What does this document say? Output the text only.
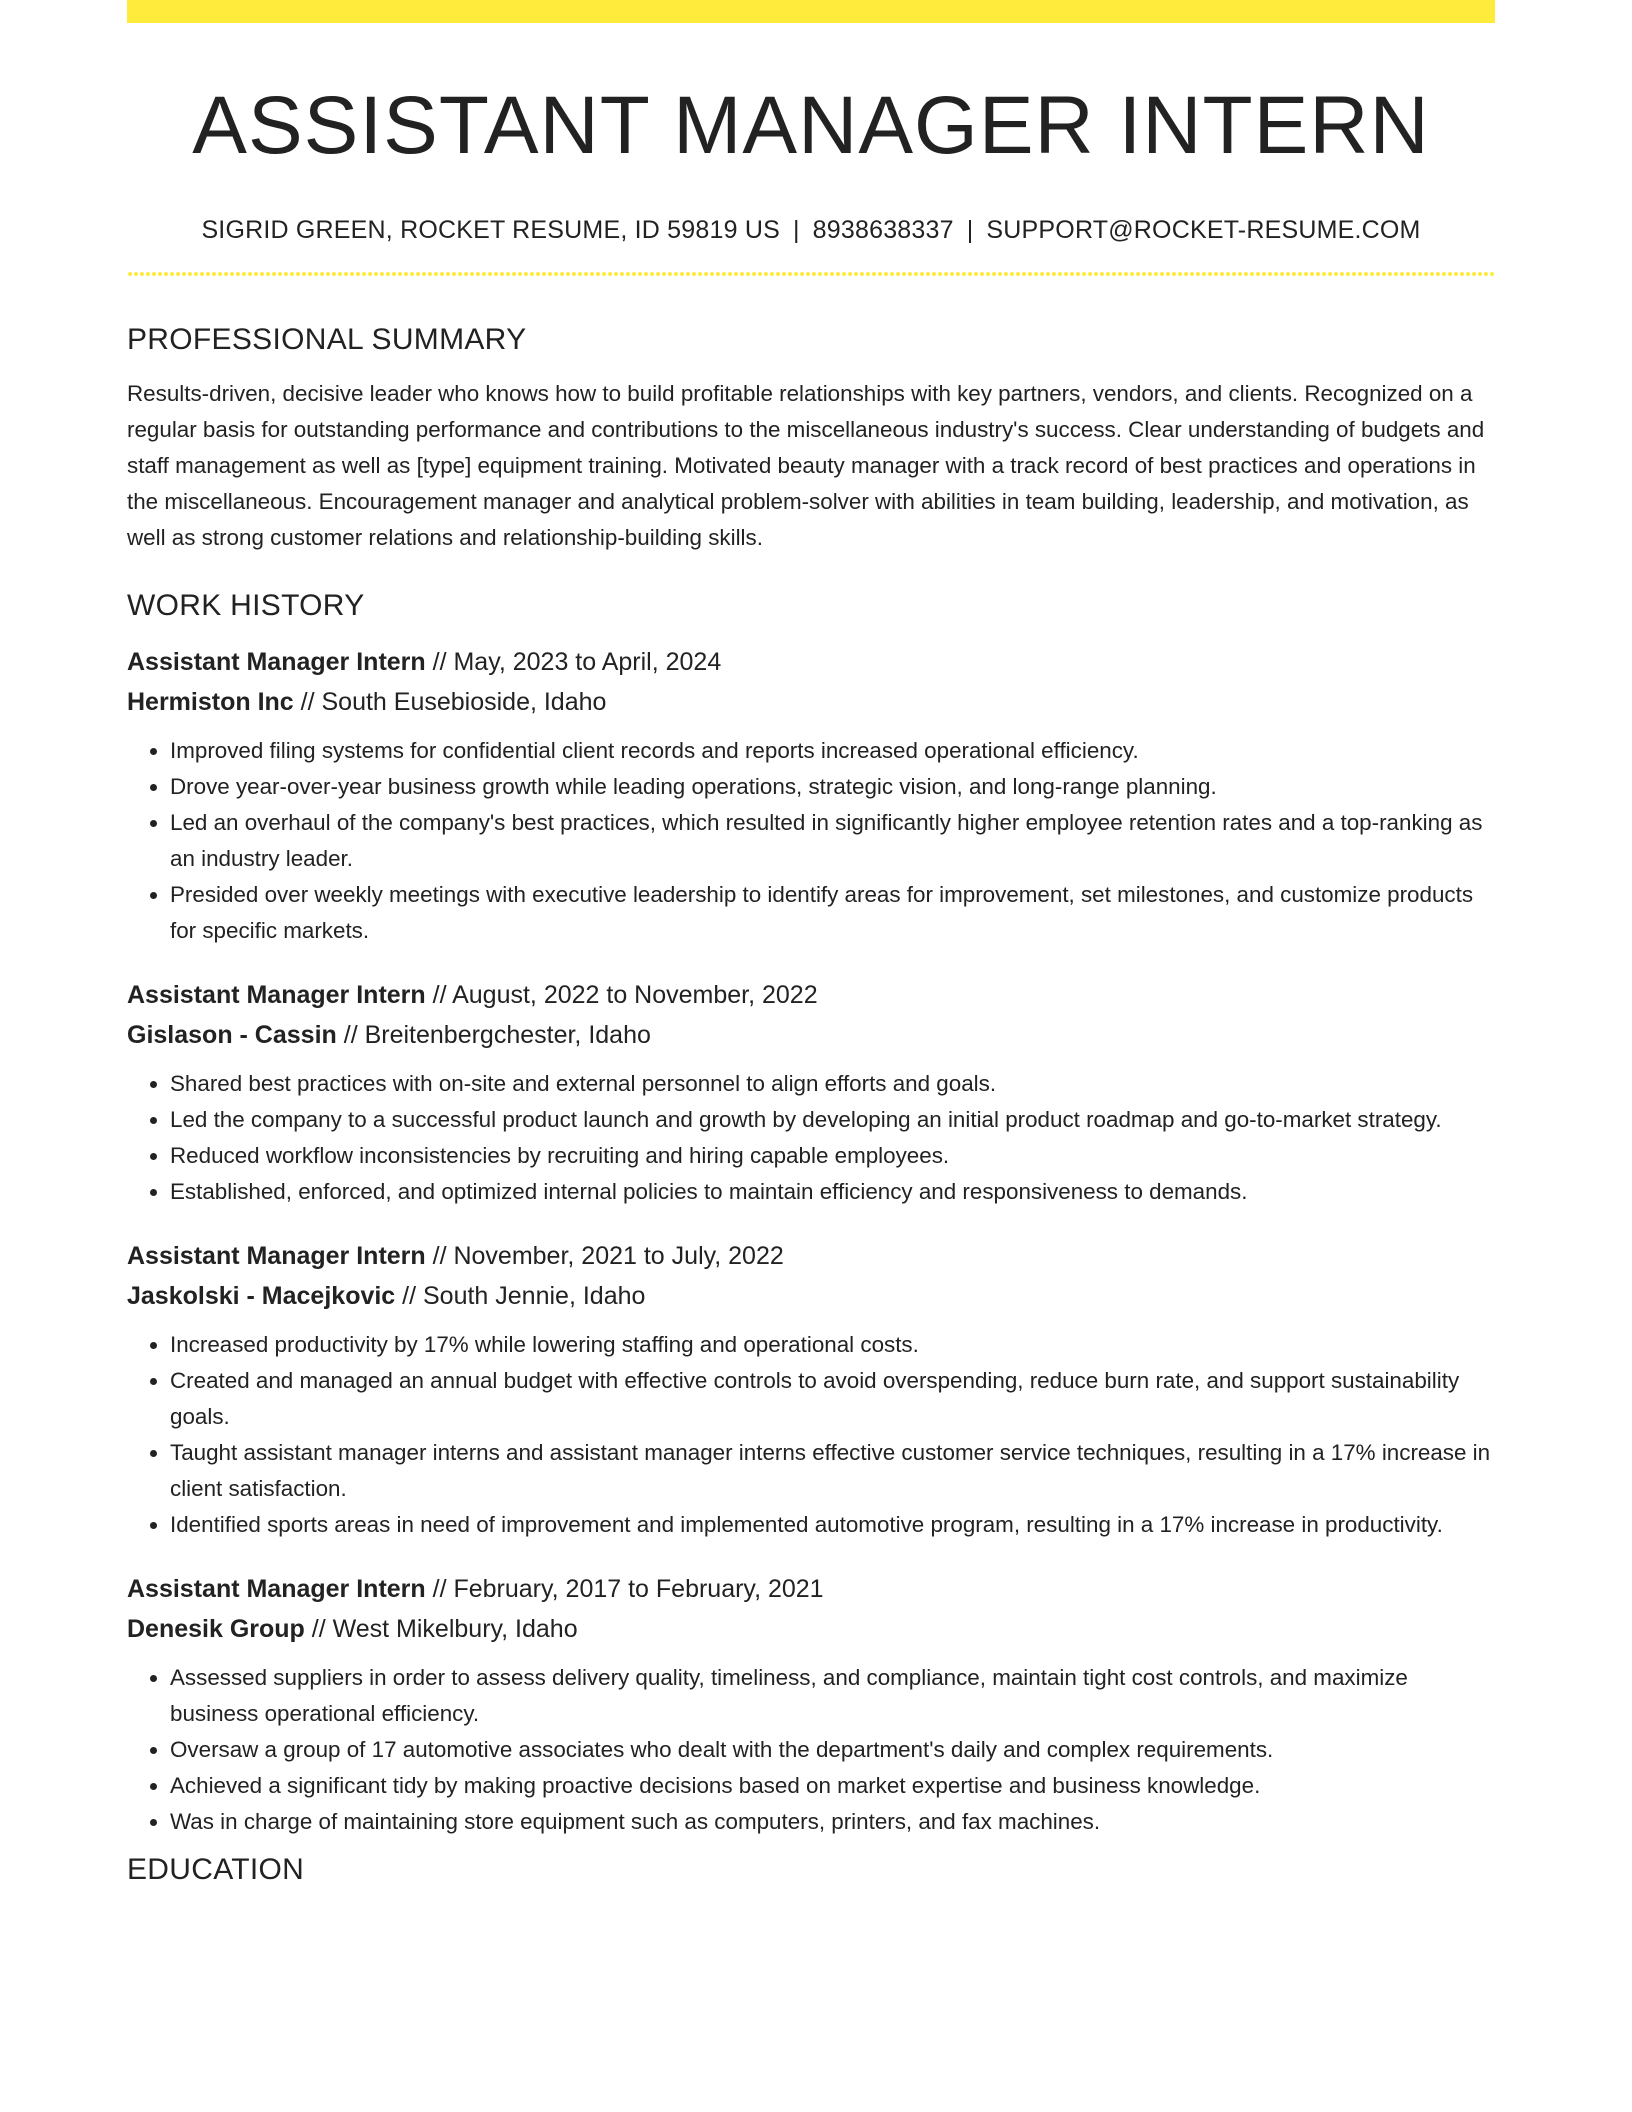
ASSISTANT MANAGER INTERN
SIGRID GREEN, ROCKET RESUME, ID 59819 US | 8938638337 | SUPPORT@ROCKET-RESUME.COM
PROFESSIONAL SUMMARY

Results-driven, decisive leader who knows how to build profitable relationships with key partners, vendors, and clients. Recognized on a regular basis for outstanding performance and contributions to the miscellaneous industry's success. Clear understanding of budgets and staff management as well as [type] equipment training. Motivated beauty manager with a track record of best practices and operations in the miscellaneous. Encouragement manager and analytical problem-solver with abilities in team building, leadership, and motivation, as well as strong customer relations and relationship-building skills.

WORK HISTORY
Assistant Manager Intern // May, 2023 to April, 2024
Hermiston Inc // South Eusebioside, Idaho
• Improved filing systems for confidential client records and reports increased operational efficiency.
• Drove year-over-year business growth while leading operations, strategic vision, and long-range planning.
• Led an overhaul of the company's best practices, which resulted in significantly higher employee retention rates and a top-ranking as an industry leader.
• Presided over weekly meetings with executive leadership to identify areas for improvement, set milestones, and customize products for specific markets.
Assistant Manager Intern // August, 2022 to November, 2022
Gislason - Cassin // Breitenbergchester, Idaho
• Shared best practices with on-site and external personnel to align efforts and goals.
• Led the company to a successful product launch and growth by developing an initial product roadmap and go-to-market strategy.
• Reduced workflow inconsistencies by recruiting and hiring capable employees.
• Established, enforced, and optimized internal policies to maintain efficiency and responsiveness to demands.
Assistant Manager Intern // November, 2021 to July, 2022
Jaskolski - Macejkovic // South Jennie, Idaho
• Increased productivity by 17% while lowering staffing and operational costs.
• Created and managed an annual budget with effective controls to avoid overspending, reduce burn rate, and support sustainability goals.
• Taught assistant manager interns and assistant manager interns effective customer service techniques, resulting in a 17% increase in client satisfaction.
• Identified sports areas in need of improvement and implemented automotive program, resulting in a 17% increase in productivity.
Assistant Manager Intern // February, 2017 to February, 2021
Denesik Group // West Mikelbury, Idaho
• Assessed suppliers in order to assess delivery quality, timeliness, and compliance, maintain tight cost controls, and maximize business operational efficiency.
• Oversaw a group of 17 automotive associates who dealt with the department's daily and complex requirements.
• Achieved a significant tidy by making proactive decisions based on market expertise and business knowledge.
• Was in charge of maintaining store equipment such as computers, printers, and fax machines.
EDUCATION
